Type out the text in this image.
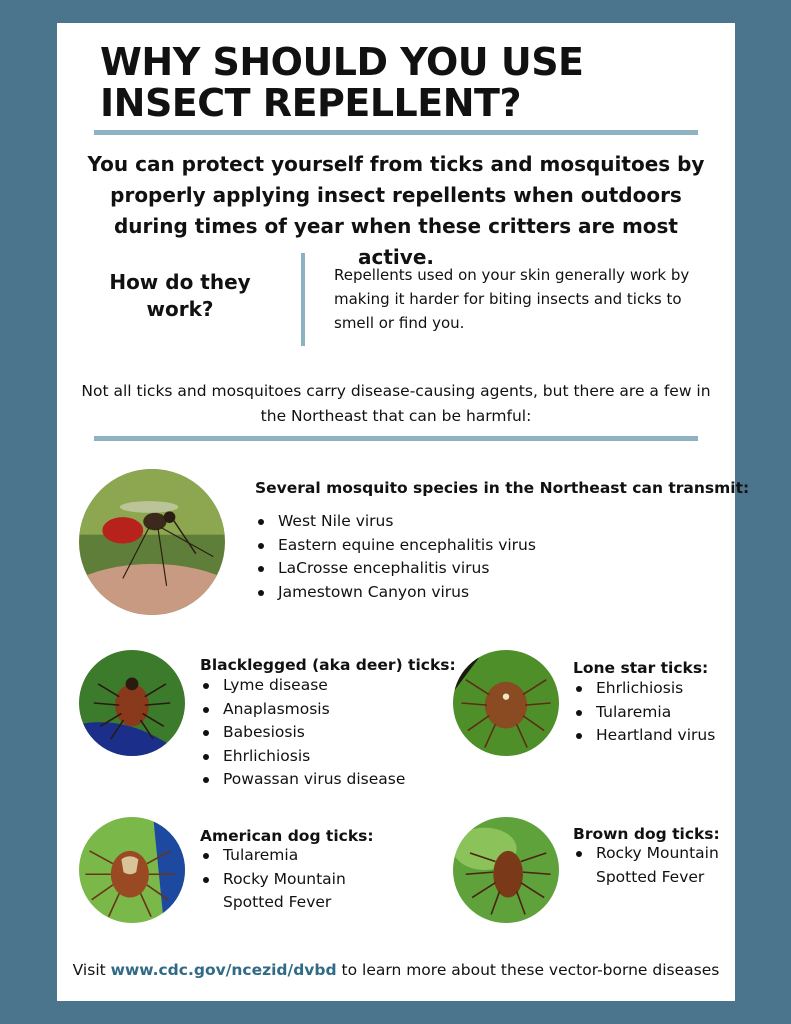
WHY SHOULD YOU USE
INSECT REPELLENT?
You can protect yourself from ticks and mosquitoes by properly applying insect repellents when outdoors during times of year when these critters are most active.
How do they work?
Repellents used on your skin generally work by making it harder for biting insects and ticks to smell or find you.
Not all ticks and mosquitoes carry disease-causing agents, but there are a few in the Northeast that can be harmful:
Several mosquito species in the Northeast can transmit:
West Nile virus
Eastern equine encephalitis virus
LaCrosse encephalitis virus
Jamestown Canyon virus
Blacklegged (aka deer) ticks:
Lyme disease
Anaplasmosis
Babesiosis
Ehrlichiosis
Powassan virus disease
Lone star ticks:
Ehrlichiosis
Tularemia
Heartland virus
American dog ticks:
Tularemia
Rocky Mountain Spotted Fever
Brown dog ticks:
Rocky Mountain Spotted Fever
Visit www.cdc.gov/ncezid/dvbd to learn more about these vector-borne diseases
